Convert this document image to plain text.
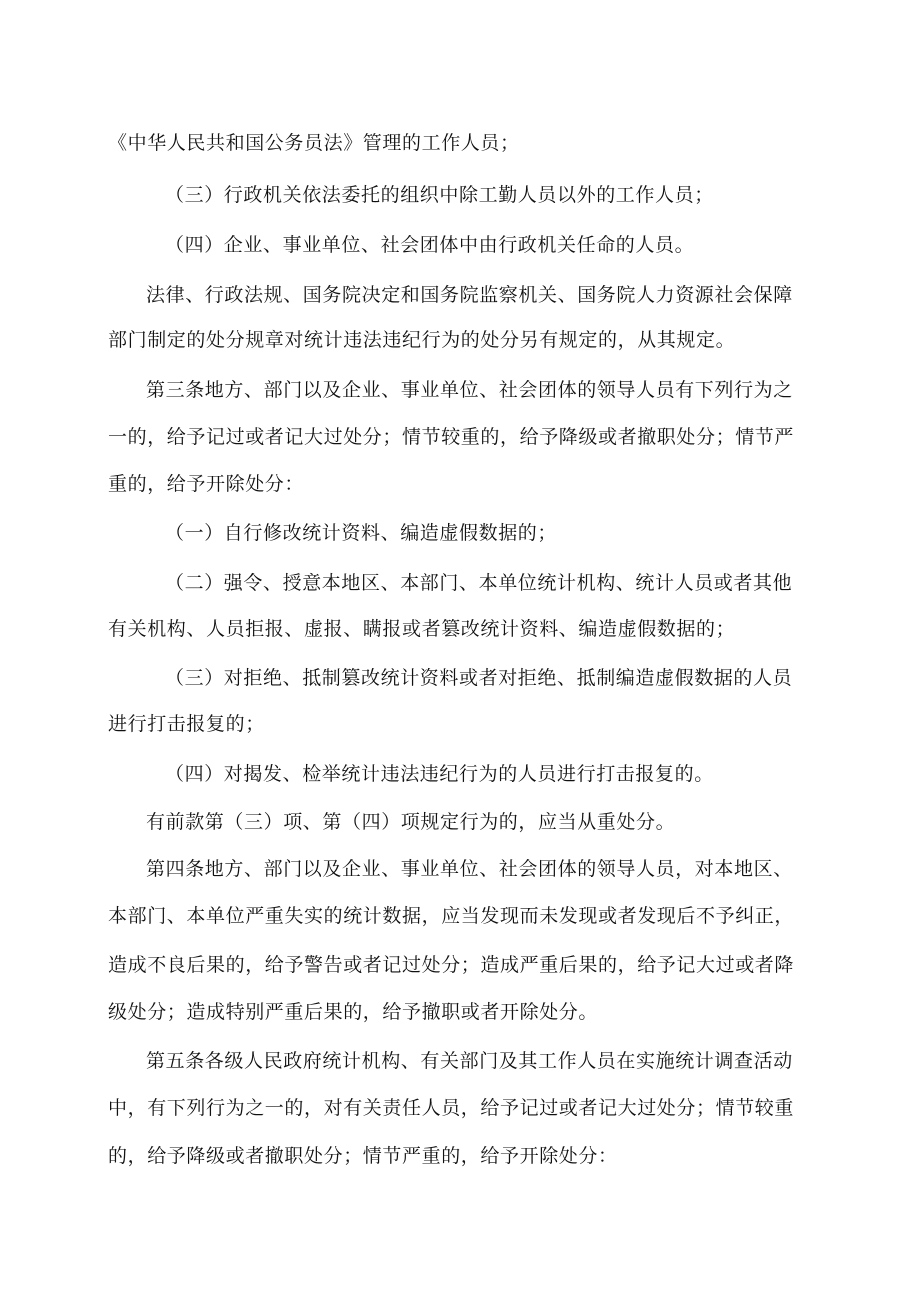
《中华人民共和国公务员法》管理的工作人员；
（三）行政机关依法委托的组织中除工勤人员以外的工作人员；
（四）企业、事业单位、社会团体中由行政机关任命的人员。
法律、行政法规、国务院决定和国务院监察机关、国务院人力资源社会保障
部门制定的处分规章对统计违法违纪行为的处分另有规定的，从其规定。
第三条地方、部门以及企业、事业单位、社会团体的领导人员有下列行为之
一的，给予记过或者记大过处分；情节较重的，给予降级或者撤职处分；情节严
重的，给予开除处分：
（一）自行修改统计资料、编造虚假数据的；
（二）强令、授意本地区、本部门、本单位统计机构、统计人员或者其他
有关机构、人员拒报、虚报、瞒报或者篡改统计资料、编造虚假数据的；
（三）对拒绝、抵制篡改统计资料或者对拒绝、抵制编造虚假数据的人员
进行打击报复的；
（四）对揭发、检举统计违法违纪行为的人员进行打击报复的。
有前款第（三）项、第（四）项规定行为的，应当从重处分。
第四条地方、部门以及企业、事业单位、社会团体的领导人员，对本地区、
本部门、本单位严重失实的统计数据，应当发现而未发现或者发现后不予纠正，
造成不良后果的，给予警告或者记过处分；造成严重后果的，给予记大过或者降
级处分；造成特别严重后果的，给予撤职或者开除处分。
第五条各级人民政府统计机构、有关部门及其工作人员在实施统计调查活动
中，有下列行为之一的，对有关责任人员，给予记过或者记大过处分；情节较重
的，给予降级或者撤职处分；情节严重的，给予开除处分：
